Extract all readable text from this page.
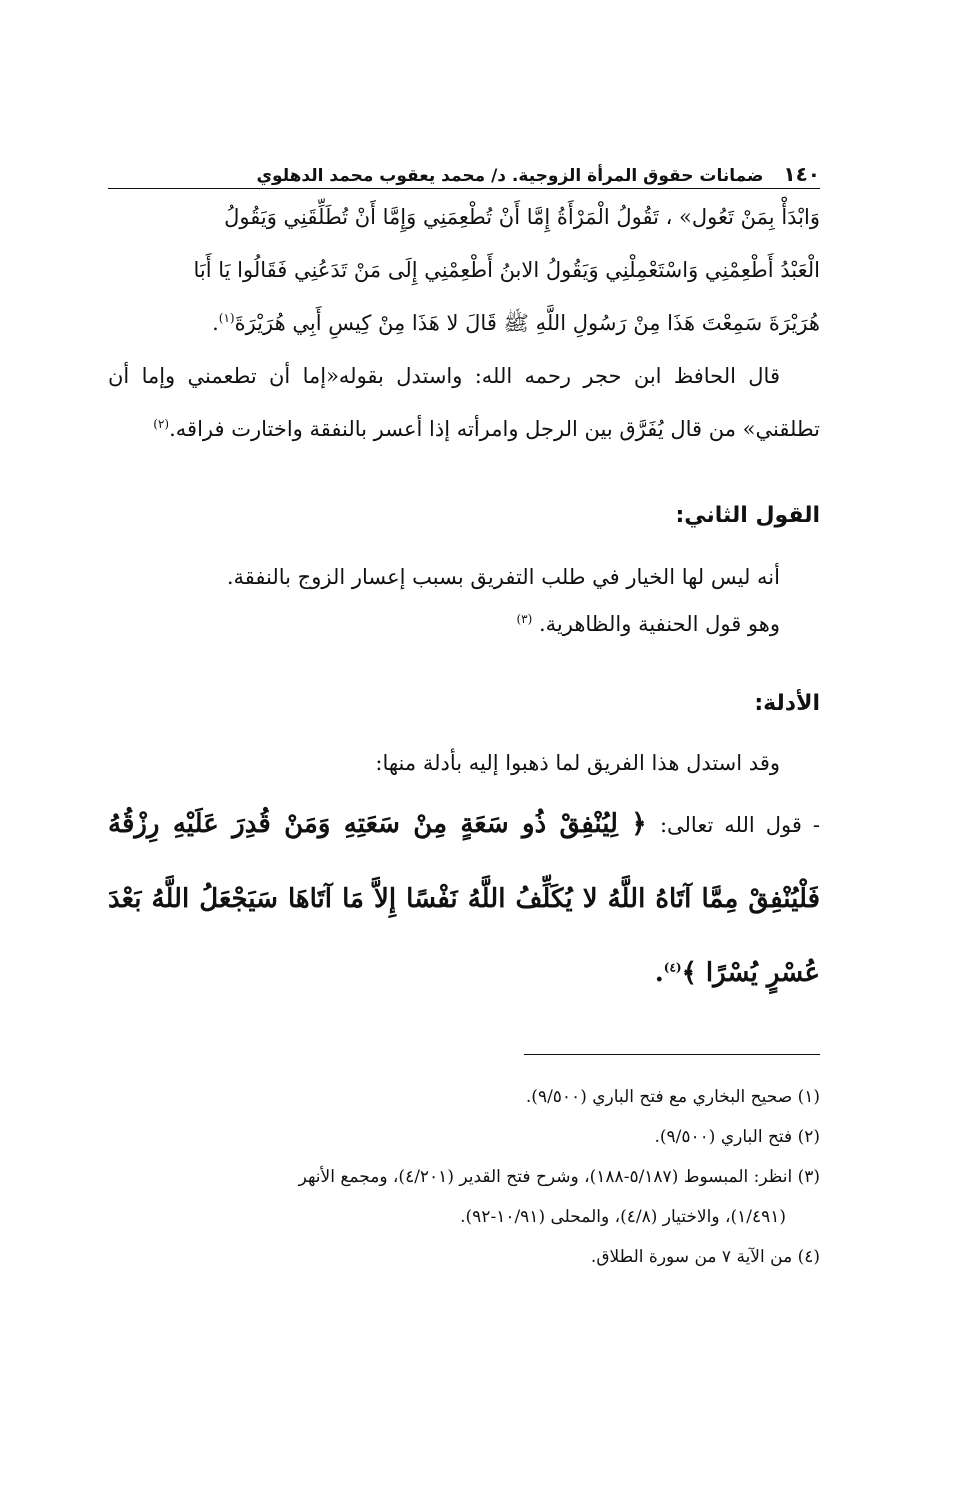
١٤٠ ضمانات حقوق المرأة الزوجية. د/ محمد يعقوب محمد الدهلوي
وَابْدَأْ بِمَنْ تَعُول» ، تَقُولُ الْمَرْأَةُ إِمَّا أَنْ تُطْعِمَنِي وَإِمَّا أَنْ تُطَلِّقَنِي وَيَقُولُ
الْعَبْدُ أَطْعِمْنِي وَاسْتَعْمِلْنِي وَيَقُولُ الابنُ أَطْعِمْنِي إِلَى مَنْ تَدَعُنِي فَقَالُوا يَا أَبَا
هُرَيْرَةَ سَمِعْتَ هَذَا مِنْ رَسُولِ اللَّهِ ﷺ قَالَ لا هَذَا مِنْ كِيسِ أَبِي هُرَيْرَةَ$^{(١)}$.

قال الحافظ ابن حجر رحمه الله: واستدل بقوله«إما أن تطعمني وإما أن تطلقني» من قال يُفَرَّق بين الرجل وامرأته إذا أعسر بالنفقة واختارت فراقه.$^{(٢)}$

القول الثاني:
أنه ليس لها الخيار في طلب التفريق بسبب إعسار الزوج بالنفقة.
وهو قول الحنفية والظاهرية. $^{(٣)}$
الأدلة:
وقد استدل هذا الفريق لما ذهبوا إليه بأدلة منها:

- قول الله تعالى: ﴿ لِيُنْفِقْ ذُو سَعَةٍ مِنْ سَعَتِهِ وَمَنْ قُدِرَ عَلَيْهِ رِزْقُهُ فَلْيُنْفِقْ مِمَّا آتَاهُ اللَّهُ لا يُكَلِّفُ اللَّهُ نَفْسًا إِلاَّ مَا آتَاهَا سَيَجْعَلُ اللَّهُ بَعْدَ عُسْرٍ يُسْرًا ﴾$^{(٤)}$.

(١) صحيح البخاري مع فتح الباري (٩/٥٠٠).

(٢) فتح الباري (٩/٥٠٠).

(٣) انظر: المبسوط (٥/١٨٧-١٨٨)، وشرح فتح القدير (٤/٢٠١)، ومجمع الأنهر

(١/٤٩١)، والاختيار (٤/٨)، والمحلى (١٠/٩١-٩٢).

(٤) من الآية ٧ من سورة الطلاق.
